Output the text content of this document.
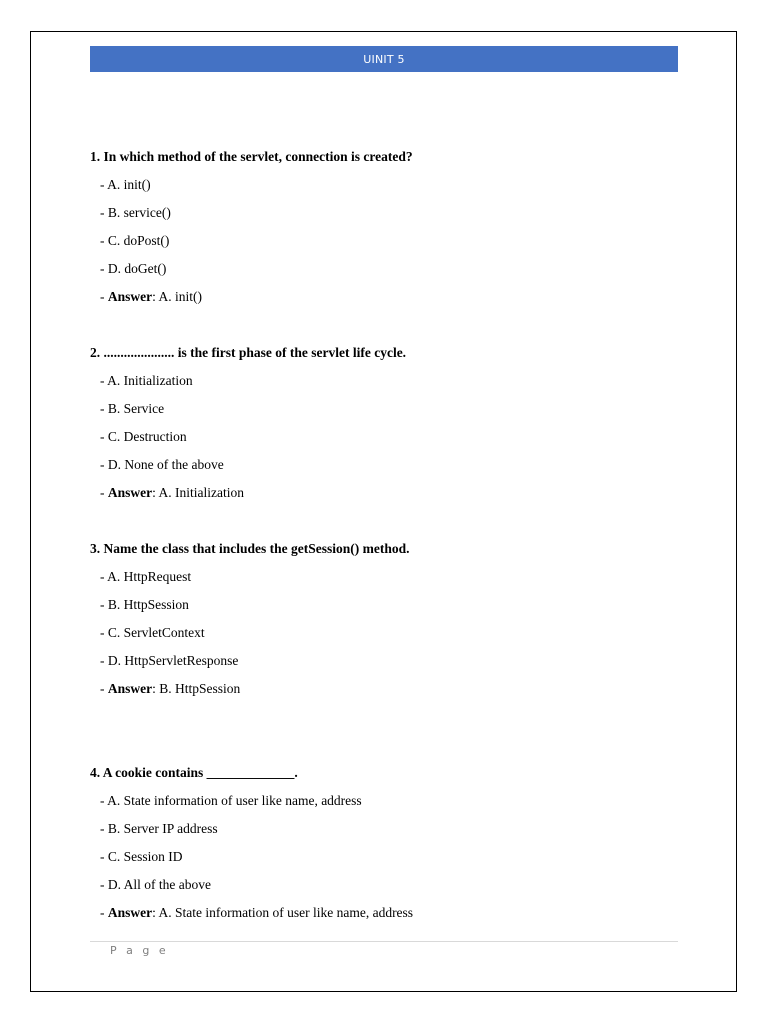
UINIT 5
1. In which method of the servlet, connection is created?
- A. init()
- B. service()
- C. doPost()
- D. doGet()
- Answer: A. init()
2. ..................... is the first phase of the servlet life cycle.
- A. Initialization
- B. Service
- C. Destruction
- D. None of the above
- Answer: A. Initialization
3. Name the class that includes the getSession() method.
- A. HttpRequest
- B. HttpSession
- C. ServletContext
- D. HttpServletResponse
- Answer: B. HttpSession
4. A cookie contains _____________.
- A. State information of user like name, address
- B. Server IP address
- C. Session ID
- D. All of the above
- Answer: A. State information of user like name, address
P a g e
